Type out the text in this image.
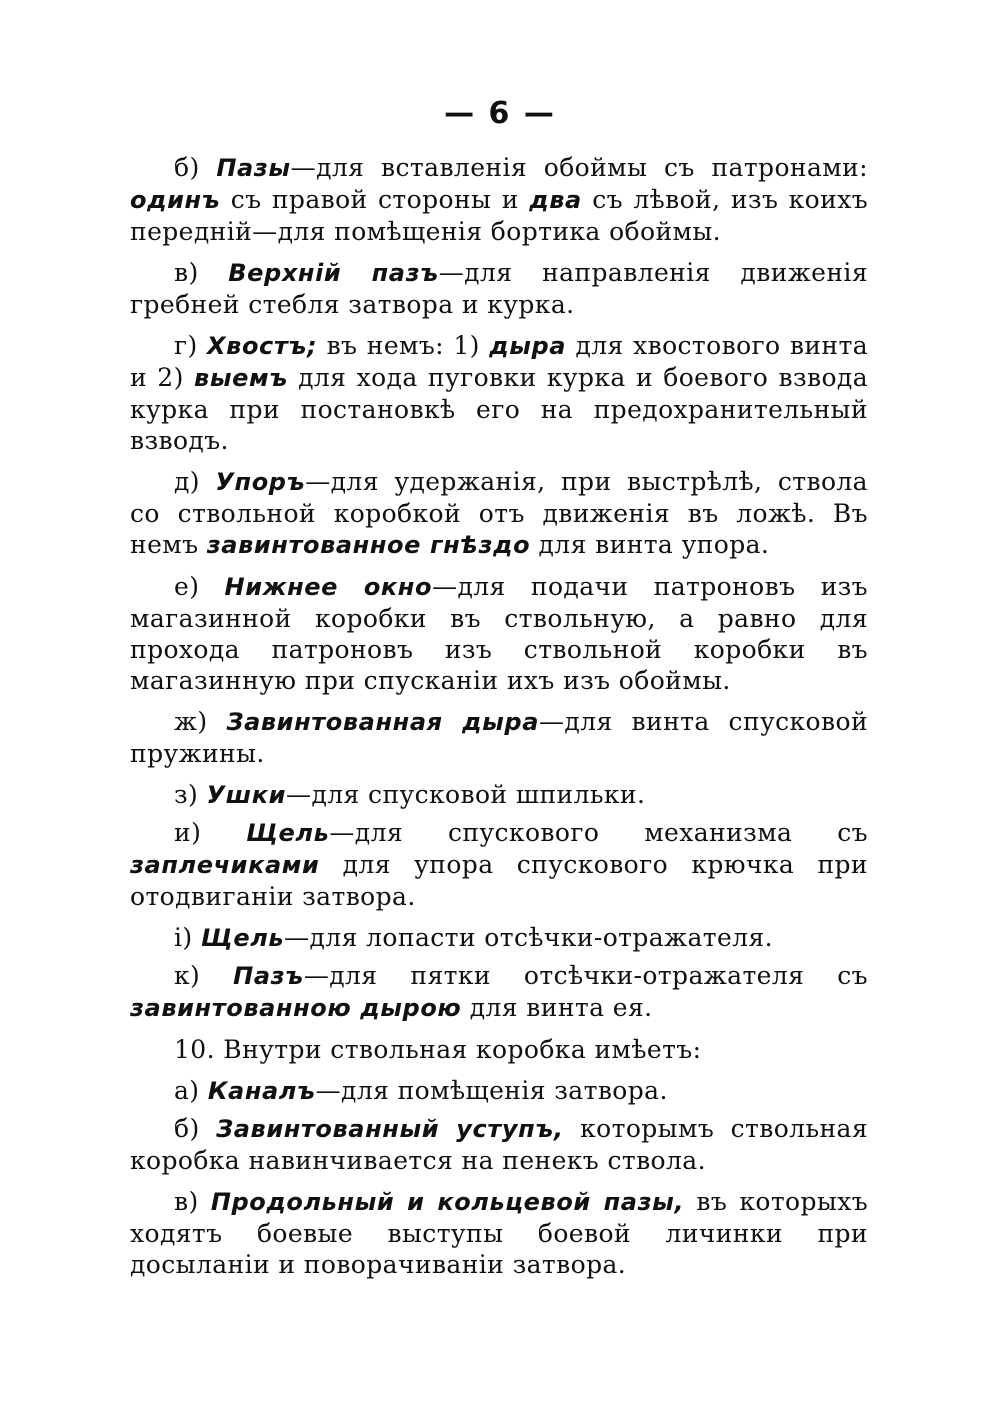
— 6 —

б) Пазы—для вставленія обоймы съ патронами: одинъ съ правой стороны и два съ лѣвой, изъ коихъ передній—для помѣщенія бортика обоймы.

в) Верхній пазъ—для направленія движенія гребней стебля затвора и курка.

г) Хвостъ; въ немъ: 1) дыра для хвостового винта и 2) выемъ для хода пуговки курка и боевого взвода курка при постановкѣ его на предохранительный взводъ.

д) Упоръ—для удержанія, при выстрѣлѣ, ствола со ствольной коробкой отъ движенія въ ложѣ. Въ немъ завинтованное гнѣздо для винта упора.

е) Нижнее окно—для подачи патроновъ изъ магазинной коробки въ ствольную, а равно для прохода патроновъ изъ ствольной коробки въ магазинную при спусканіи ихъ изъ обоймы.

ж) Завинтованная дыра—для винта спусковой пружины.

з) Ушки—для спусковой шпильки.

и) Щель—для спускового механизма съ заплечиками для упора спускового крючка при отодвиганіи затвора.

і) Щель—для лопасти отсѣчки-отражателя.

к) Пазъ—для пятки отсѣчки-отражателя съ завинтованною дырою для винта ея.

10. Внутри ствольная коробка имѣетъ:

а) Каналъ—для помѣщенія затвора.

б) Завинтованный уступъ, которымъ ствольная коробка навинчивается на пенекъ ствола.

в) Продольный и кольцевой пазы, въ которыхъ ходятъ боевые выступы боевой личинки при досыланіи и поворачиваніи затвора.
